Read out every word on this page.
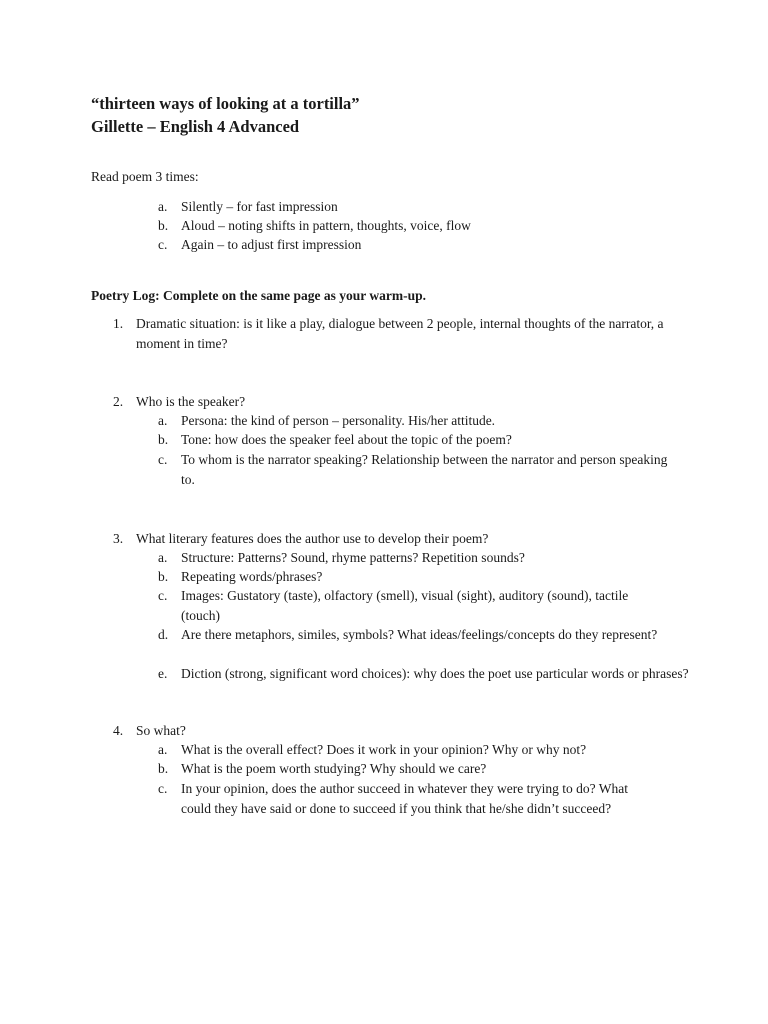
“thirteen ways of looking at a tortilla”
Gillette – English 4 Advanced
Read poem 3 times:
a. Silently – for fast impression
b. Aloud – noting shifts in pattern, thoughts, voice, flow
c. Again – to adjust first impression
Poetry Log: Complete on the same page as your warm-up.
1. Dramatic situation: is it like a play, dialogue between 2 people, internal thoughts of the narrator, a moment in time?
2. Who is the speaker?
a. Persona: the kind of person – personality. His/her attitude.
b. Tone: how does the speaker feel about the topic of the poem?
c. To whom is the narrator speaking? Relationship between the narrator and person speaking to.
3. What literary features does the author use to develop their poem?
a. Structure: Patterns? Sound, rhyme patterns? Repetition sounds?
b. Repeating words/phrases?
c. Images: Gustatory (taste), olfactory (smell), visual (sight), auditory (sound), tactile (touch)
d. Are there metaphors, similes, symbols? What ideas/feelings/concepts do they represent?
e. Diction (strong, significant word choices): why does the poet use particular words or phrases?
4. So what?
a. What is the overall effect? Does it work in your opinion? Why or why not?
b. What is the poem worth studying? Why should we care?
c. In your opinion, does the author succeed in whatever they were trying to do? What could they have said or done to succeed if you think that he/she didn’t succeed?
